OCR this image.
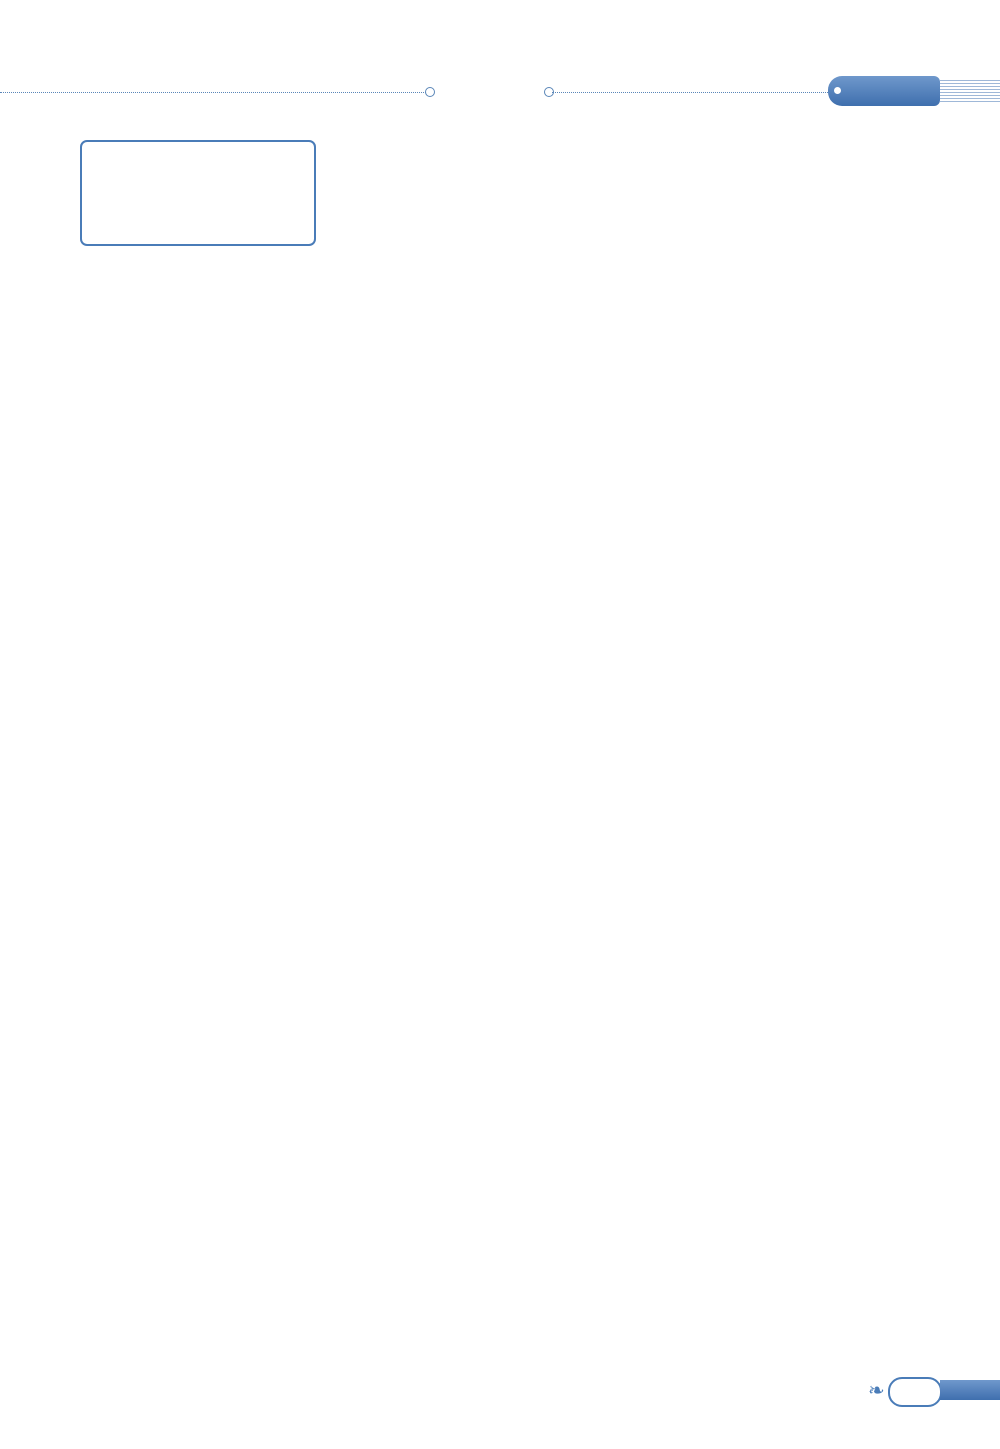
❧
